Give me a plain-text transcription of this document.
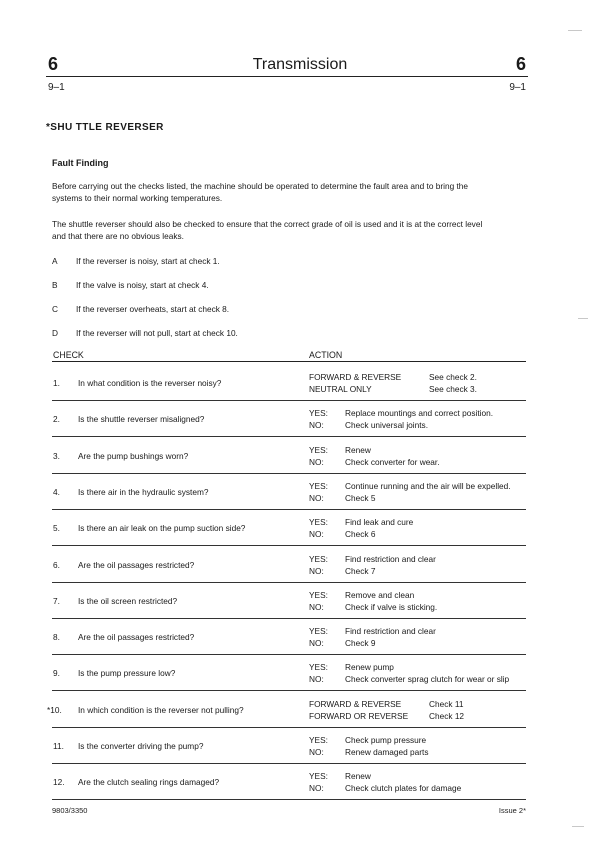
6	Transmission	6
9–1	9–1
*SHU TTLE REVERSER
Fault Finding
Before carrying out the checks listed, the machine should be operated to determine the fault area and to bring the
systems to their normal working temperatures.
The shuttle reverser should also be checked to ensure that the correct grade of oil is used and it is at the correct level
and that there are no obvious leaks.
A If the reverser is noisy, start at check 1.
B If the valve is noisy, start at check 4.
C If the reverser overheats, start at check 8.
D If the reverser will not pull, start at check 10.
CHECK	ACTION
1. In what condition is the reverser noisy?
FORWARD & REVERSE	See check 2.
NEUTRAL ONLY	See check 3.
2. Is the shuttle reverser misaligned?
YES: Replace mountings and correct position.
NO:	Check universal joints.
3. Are the pump bushings worn?
YES: Renew
NO:	Check converter for wear.
4. Is there air in the hydraulic system?
YES: Continue running and the air will be expelled.
NO:	Check 5
5. Is there an air leak on the pump suction side?
YES: Find leak and cure
NO:	Check 6
6. Are the oil passages restricted?
YES: Find restriction and clear
NO:	Check 7
7. Is the oil screen restricted?
YES: Remove and clean
NO:	Check if valve is sticking.
8. Are the oil passages restricted?
YES: Find restriction and clear
NO:	Check 9
9. Is the pump pressure low?
YES: Renew pump
NO:	Check converter sprag clutch for wear or slip
*10. In which condition is the reverser not pulling?
FORWARD & REVERSE	Check 11
FORWARD OR REVERSE	Check 12
11. Is the converter driving the pump?
YES: Check pump pressure
NO:	Renew damaged parts
12. Are the clutch sealing rings damaged?
YES: Renew
NO:	Check clutch plates for damage
9803/3350	Issue 2*
